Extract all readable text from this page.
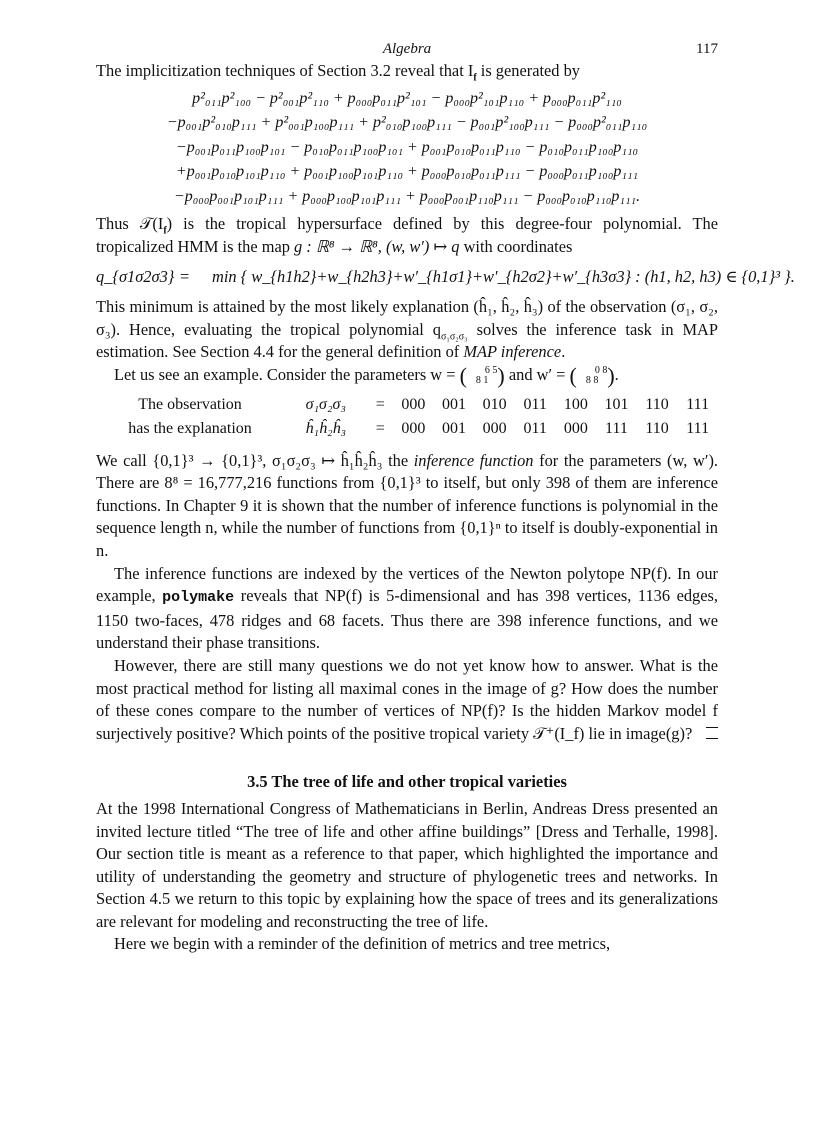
Algebra	117

The implicitization techniques of Section 3.2 reveal that $I_f$ is generated by

p²₀₁₁p²₁₀₀ − p²₀₀₁p²₁₁₀ + p₀₀₀p₀₁₁p²₁₀₁ − p₀₀₀p²₁₀₁p₁₁₀ + p₀₀₀p₀₁₁p²₁₁₀
−p₀₀₁p²₀₁₀p₁₁₁ + p²₀₀₁p₁₀₀p₁₁₁ + p²₀₁₀p₁₀₀p₁₁₁ − p₀₀₁p²₁₀₀p₁₁₁ − p₀₀₀p²₀₁₁p₁₁₀
−p₀₀₁p₀₁₁p₁₀₀p₁₀₁ − p₀₁₀p₀₁₁p₁₀₀p₁₀₁ + p₀₀₁p₀₁₀p₀₁₁p₁₁₀ − p₀₁₀p₀₁₁p₁₀₀p₁₁₀
+p₀₀₁p₀₁₀p₁₀₁p₁₁₀ + p₀₀₁p₁₀₀p₁₀₁p₁₁₀ + p₀₀₀p₀₁₀p₀₁₁p₁₁₁ − p₀₀₀p₀₁₁p₁₀₀p₁₁₁
−p₀₀₀p₀₀₁p₁₀₁p₁₁₁ + p₀₀₀p₁₀₀p₁₀₁p₁₁₁ + p₀₀₀p₀₀₁p₁₁₀p₁₁₁ − p₀₀₀p₀₁₀p₁₁₀p₁₁₁.

Thus $𝒯(I_f)$ is the tropical hypersurface defined by this degree-four polynomial. The tropicalized HMM is the map g : ℝ⁸ → ℝ⁸, (w, w′) ↦ q with coordinates

q_{σ1σ2σ3} = min { w_{h1h2}+w_{h2h3}+w′_{h1σ1}+w′_{h2σ2}+w′_{h3σ3} : (h1, h2, h3) ∈ {0,1}³ }.

This minimum is attained by the most likely explanation (ĥ₁, ĥ₂, ĥ₃) of the observation (σ₁, σ₂, σ₃). Hence, evaluating the tropical polynomial $q_{\sigma_1\sigma_2\sigma_3}$ solves the inference task in MAP estimation. See Section 4.4 for the general definition of MAP inference.

Let us see an example. Consider the parameters w = ( 6 5
8 1 ) and w′ = ( 0 8
8 8 ).

The observation	σ₁σ₂σ₃	=	000	001	010	011	100	101	110	111
has the explanation	ĥ₁ĥ₂ĥ₃	=	000	001	000	011	000	111	110	111

We call {0,1}³ → {0,1}³, σ₁σ₂σ₃ ↦ ĥ₁ĥ₂ĥ₃ the inference function for the parameters (w, w′). There are 8⁸ = 16,777,216 functions from {0,1}³ to itself, but only 398 of them are inference functions. In Chapter 9 it is shown that the number of inference functions is polynomial in the sequence length n, while the number of functions from {0,1}ⁿ to itself is doubly-exponential in n.

The inference functions are indexed by the vertices of the Newton polytope NP(f). In our example, polymake reveals that NP(f) is 5-dimensional and has 398 vertices, 1136 edges, 1150 two-faces, 478 ridges and 68 facets. Thus there are 398 inference functions, and we understand their phase transitions.

However, there are still many questions we do not yet know how to answer. What is the most practical method for listing all maximal cones in the image of g? How does the number of these cones compare to the number of vertices of NP(f)? Is the hidden Markov model f surjectively positive? Which points of the positive tropical variety 𝒯⁺(I_f) lie in image(g)?

3.5 The tree of life and other tropical varieties

At the 1998 International Congress of Mathematicians in Berlin, Andreas Dress presented an invited lecture titled “The tree of life and other affine buildings” [Dress and Terhalle, 1998]. Our section title is meant as a reference to that paper, which highlighted the importance and utility of understanding the geometry and structure of phylogenetic trees and networks. In Section 4.5 we return to this topic by explaining how the space of trees and its generalizations are relevant for modeling and reconstructing the tree of life.

Here we begin with a reminder of the definition of metrics and tree metrics,
